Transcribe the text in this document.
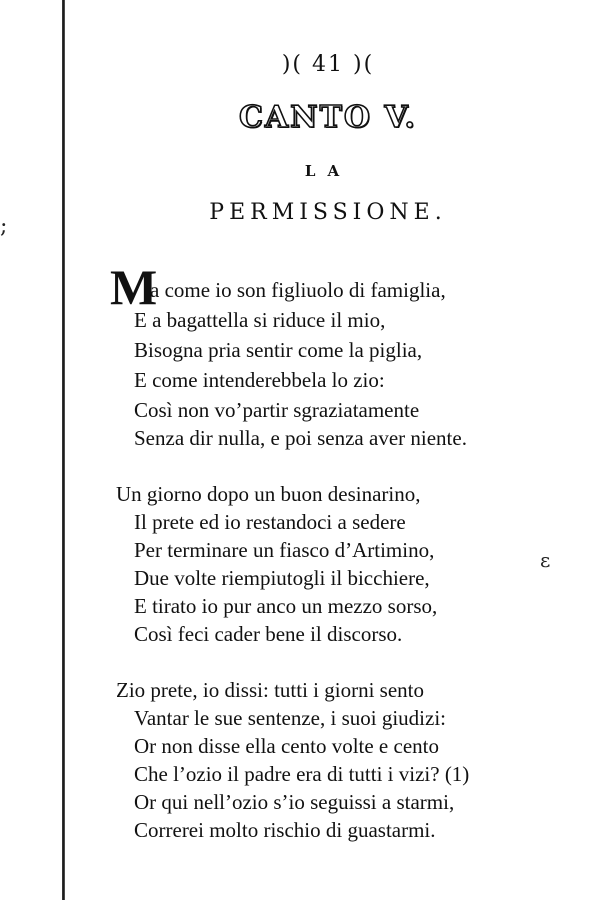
;
ɛ
)( 41 )(
CANTO V.
LA
PERMISSIONE.
M
a come io son figliuolo di famiglia,
E a bagattella si riduce il mio,
Bisogna pria sentir come la piglia,
E come intenderebbela lo zio:
Così non vo’partir sgraziatamente
Senza dir nulla, e poi senza aver niente.
Un giorno dopo un buon desinarino,
Il prete ed io restandoci a sedere
Per terminare un fiasco d’Artimino,
Due volte riempiutogli il bicchiere,
E tirato io pur anco un mezzo sorso,
Così feci cader bene il discorso.
Zio prete, io dissi: tutti i giorni sento
Vantar le sue sentenze, i suoi giudizi:
Or non disse ella cento volte e cento
Che l’ozio il padre era di tutti i vizi? (1)
Or qui nell’ozio s’io seguissi a starmi,
Correrei molto rischio di guastarmi.
